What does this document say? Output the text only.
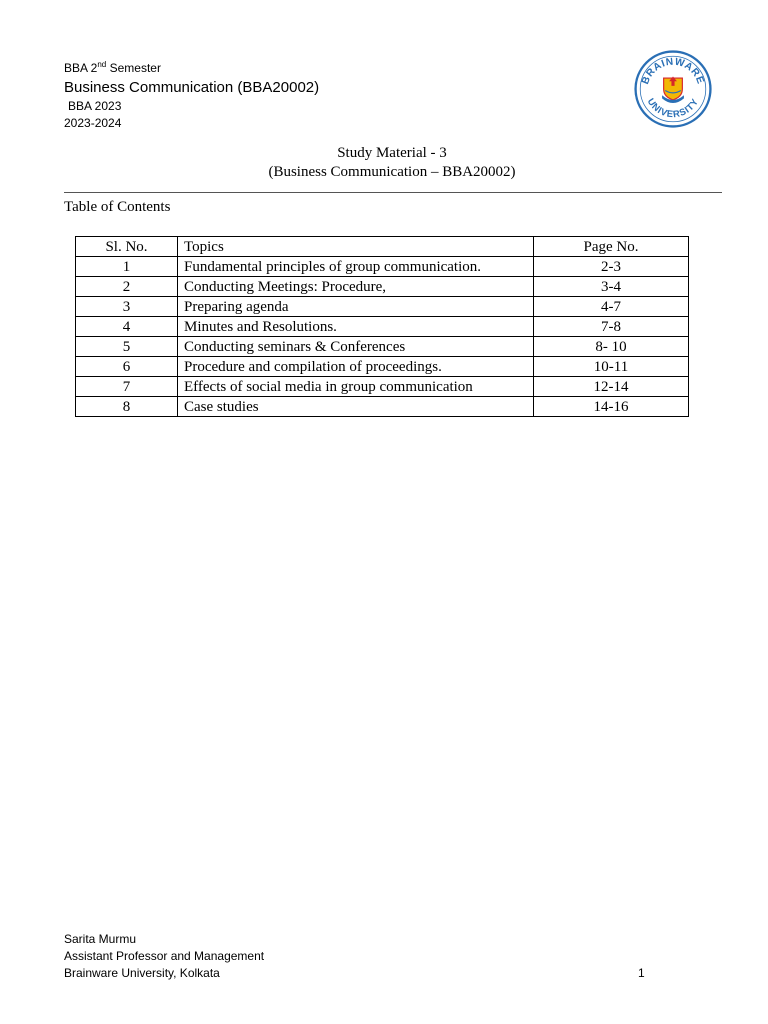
BBA 2nd Semester
Business Communication (BBA20002)
BBA 2023
2023-2024
BRAINWARE
UNIVERSITY
Study Material - 3
(Business Communication – BBA20002)
Table of Contents
Sl. No.	Topics	Page No.
1	Fundamental principles of group communication.	2-3
2	Conducting Meetings: Procedure,	3-4
3	Preparing agenda	4-7
4	Minutes and Resolutions.	7-8
5	Conducting seminars & Conferences	8- 10
6	Procedure and compilation of proceedings.	10-11
7	Effects of social media in group communication	12-14
8	Case studies	14-16
Sarita Murmu
Assistant Professor and Management
Brainware University, Kolkata	1
